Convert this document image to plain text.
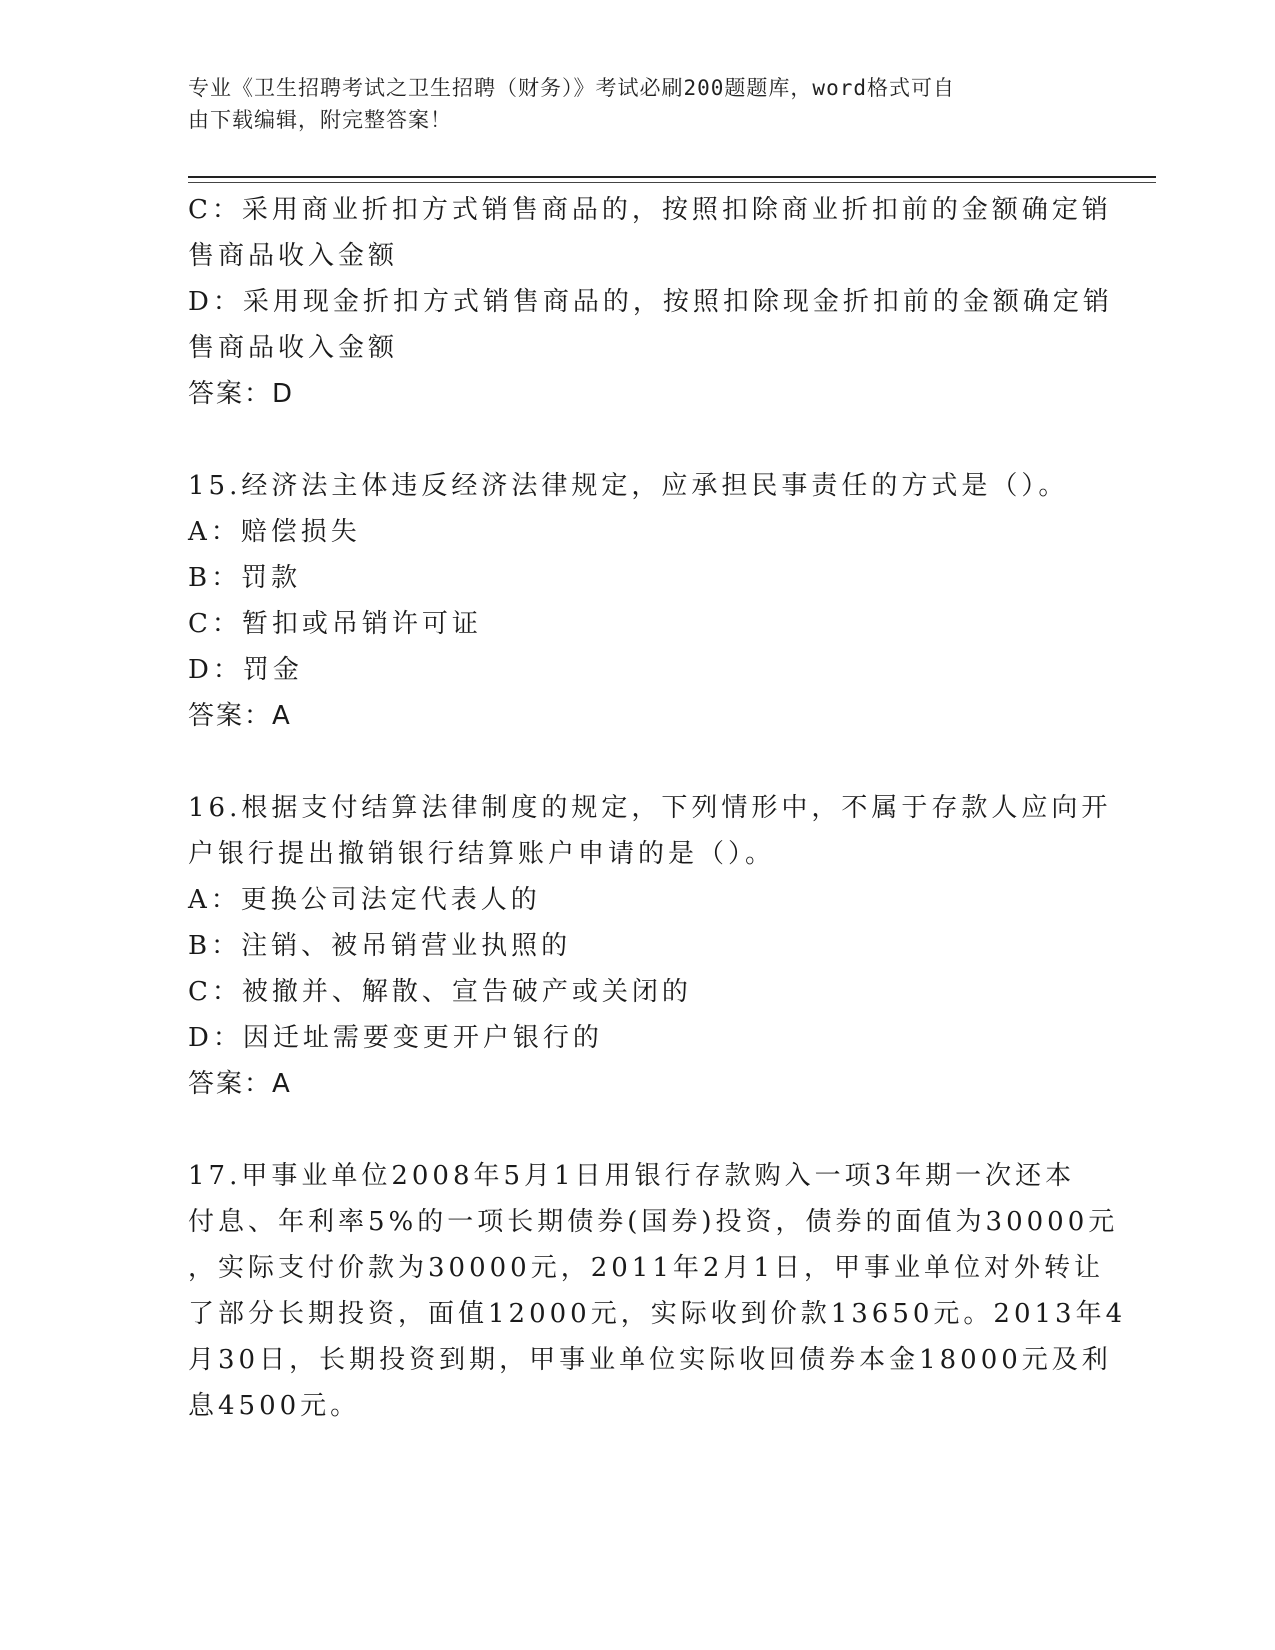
专业《卫生招聘考试之卫生招聘（财务）》考试必刷200题题库，word格式可自
由下载编辑，附完整答案！
C：采用商业折扣方式销售商品的，按照扣除商业折扣前的金额确定销
售商品收入金额
D：采用现金折扣方式销售商品的，按照扣除现金折扣前的金额确定销
售商品收入金额
答案：D
15.经济法主体违反经济法律规定，应承担民事责任的方式是（）。
A：赔偿损失
B：罚款
C：暂扣或吊销许可证
D：罚金
答案：A
16.根据支付结算法律制度的规定，下列情形中，不属于存款人应向开
户银行提出撤销银行结算账户申请的是（）。
A：更换公司法定代表人的
B：注销、被吊销营业执照的
C：被撤并、解散、宣告破产或关闭的
D：因迁址需要变更开户银行的
答案：A
17.甲事业单位2008年5月1日用银行存款购入一项3年期一次还本
付息、年利率5%的一项长期债券(国券)投资，债券的面值为30000元
，实际支付价款为30000元，2011年2月1日，甲事业单位对外转让
了部分长期投资，面值12000元，实际收到价款13650元。2013年4
月30日，长期投资到期，甲事业单位实际收回债券本金18000元及利
息4500元。
